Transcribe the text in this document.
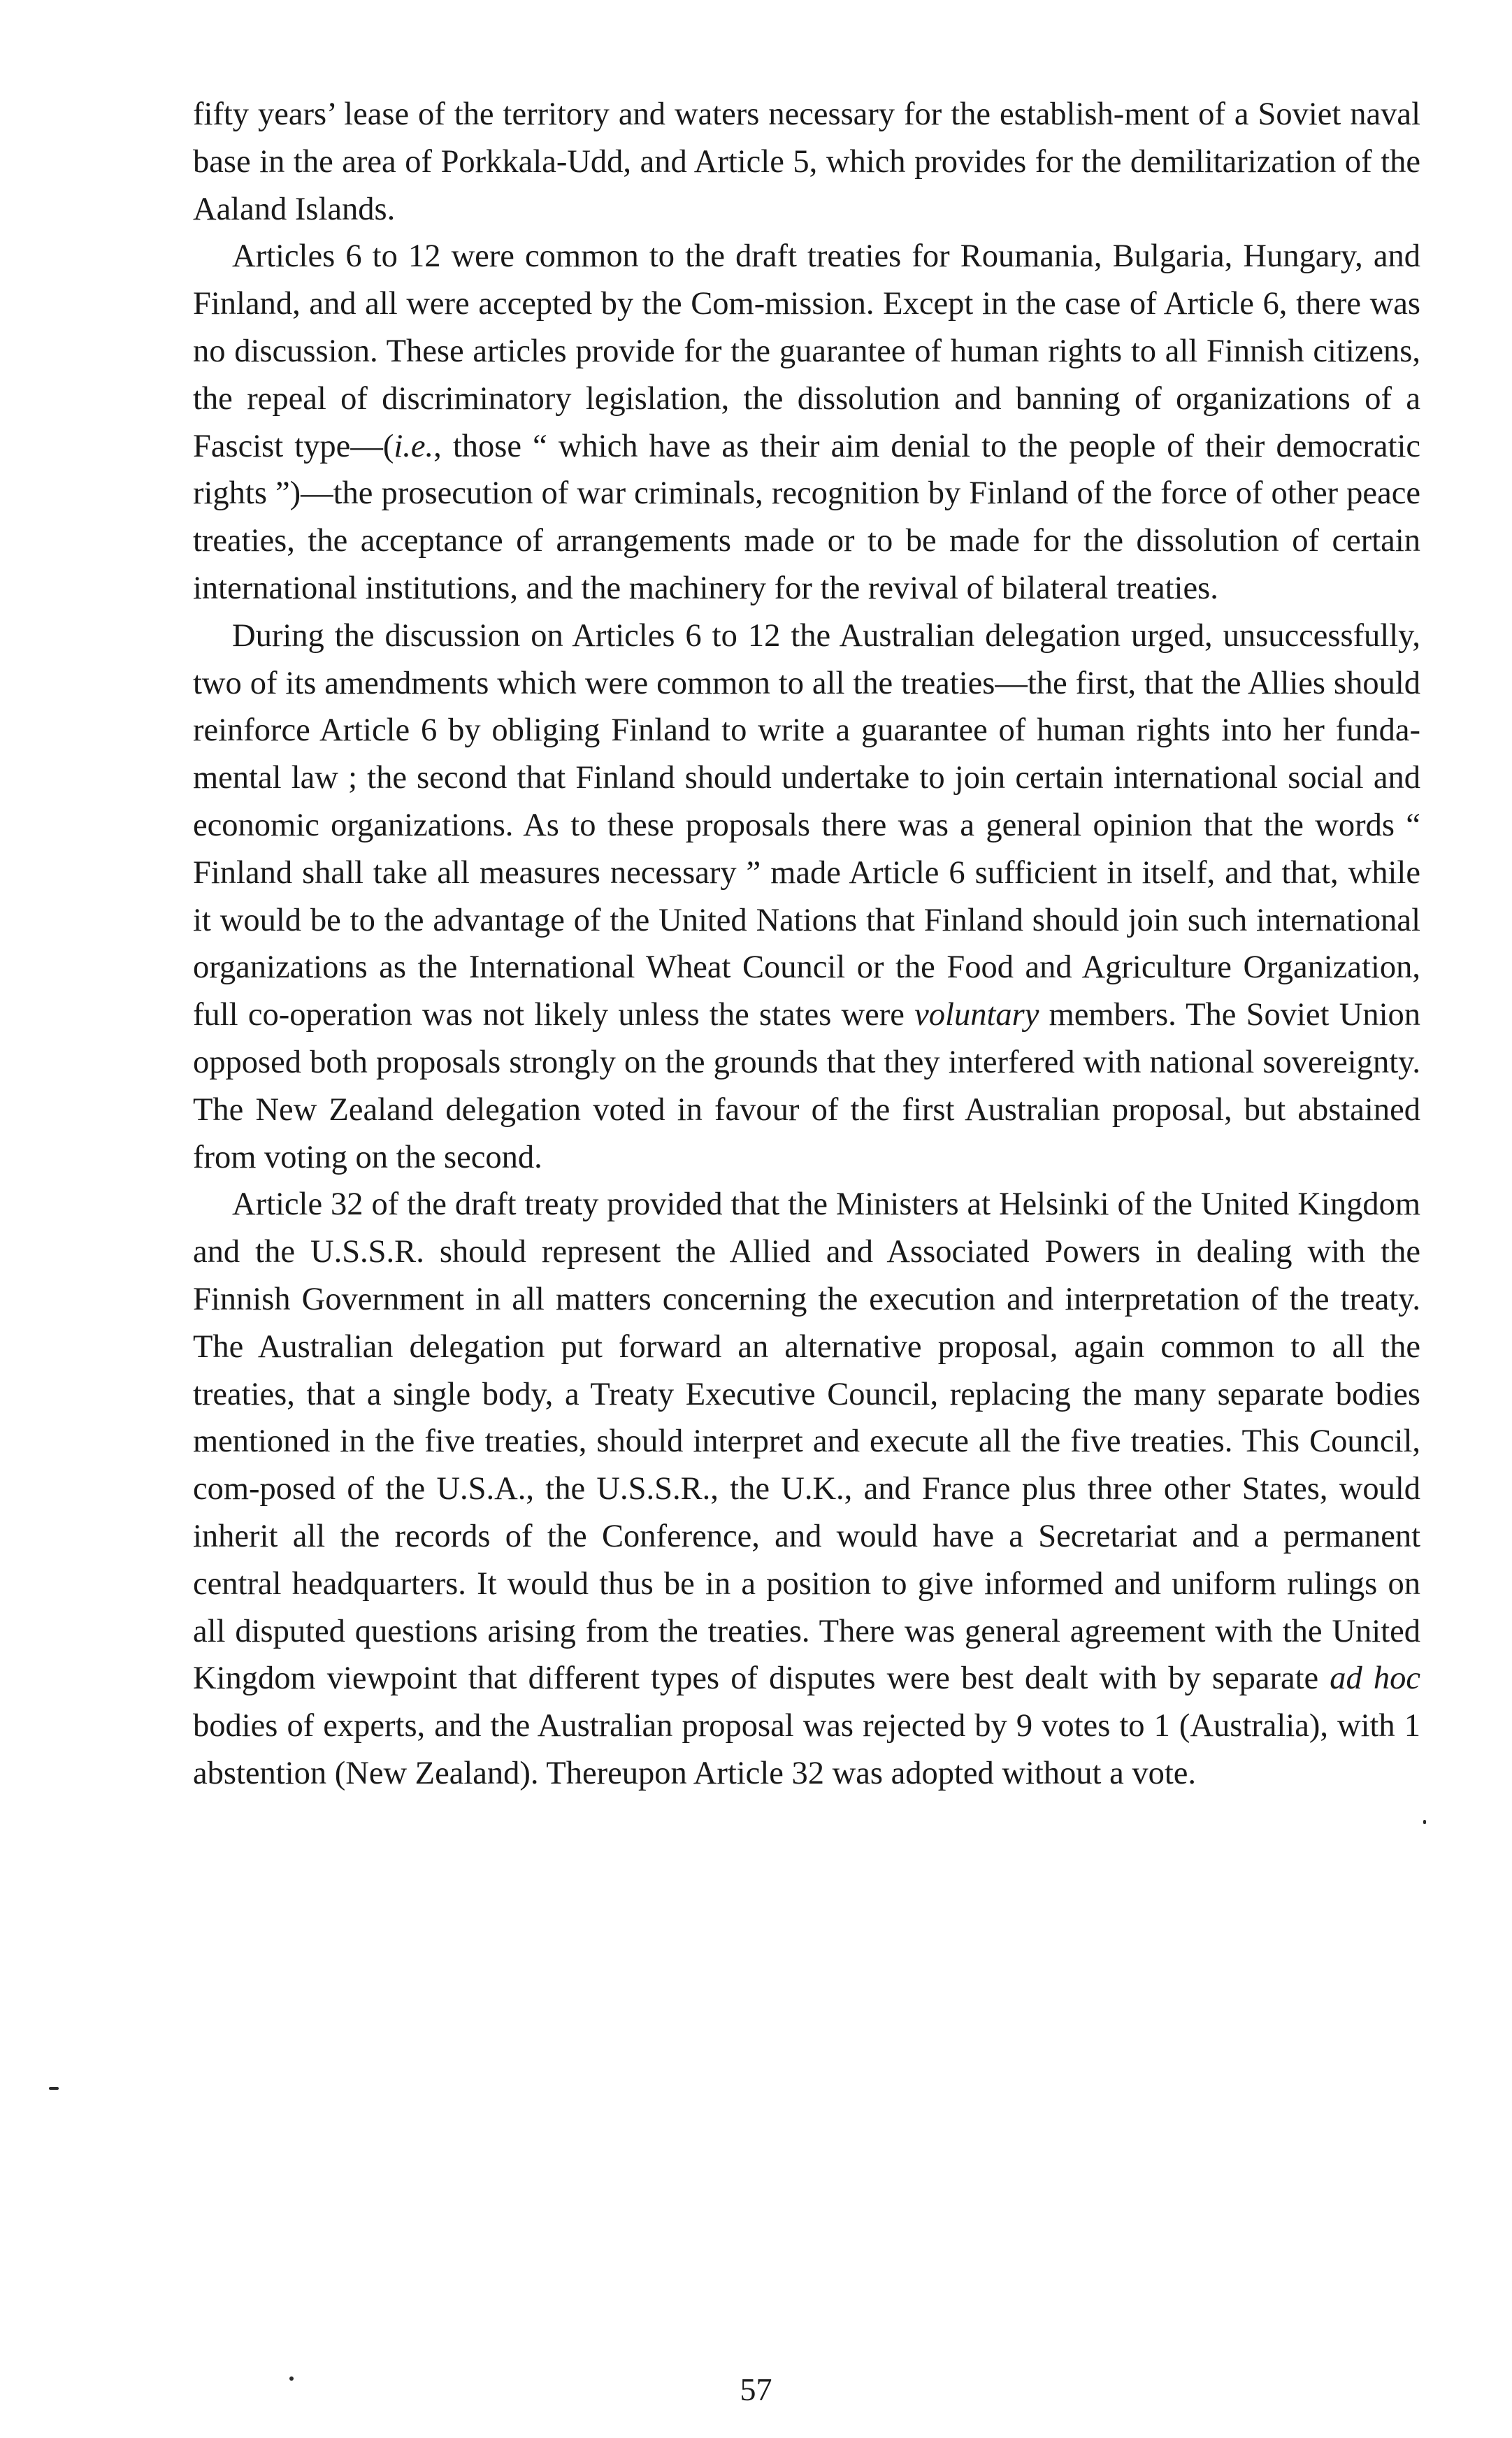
fifty years’ lease of the territory and waters necessary for the establish-ment of a Soviet naval base in the area of Porkkala-Udd, and Article 5, which provides for the demilitarization of the Aaland Islands.

Articles 6 to 12 were common to the draft treaties for Roumania, Bulgaria, Hungary, and Finland, and all were accepted by the Com-mission. Except in the case of Article 6, there was no discussion. These articles provide for the guarantee of human rights to all Finnish citizens, the repeal of discriminatory legislation, the dissolution and banning of organizations of a Fascist type—(i.e., those “ which have as their aim denial to the people of their democratic rights ”)—the prosecution of war criminals, recognition by Finland of the force of other peace treaties, the acceptance of arrangements made or to be made for the dissolution of certain international institutions, and the machinery for the revival of bilateral treaties.

During the discussion on Articles 6 to 12 the Australian delegation urged, unsuccessfully, two of its amendments which were common to all the treaties—the first, that the Allies should reinforce Article 6 by obliging Finland to write a guarantee of human rights into her funda-mental law ; the second that Finland should undertake to join certain international social and economic organizations. As to these proposals there was a general opinion that the words “ Finland shall take all measures necessary ” made Article 6 sufficient in itself, and that, while it would be to the advantage of the United Nations that Finland should join such international organizations as the International Wheat Council or the Food and Agriculture Organization, full co-operation was not likely unless the states were voluntary members. The Soviet Union opposed both proposals strongly on the grounds that they interfered with national sovereignty. The New Zealand delegation voted in favour of the first Australian proposal, but abstained from voting on the second.

Article 32 of the draft treaty provided that the Ministers at Helsinki of the United Kingdom and the U.S.S.R. should represent the Allied and Associated Powers in dealing with the Finnish Government in all matters concerning the execution and interpretation of the treaty. The Australian delegation put forward an alternative proposal, again common to all the treaties, that a single body, a Treaty Executive Council, replacing the many separate bodies mentioned in the five treaties, should interpret and execute all the five treaties. This Council, com-posed of the U.S.A., the U.S.S.R., the U.K., and France plus three other States, would inherit all the records of the Conference, and would have a Secretariat and a permanent central headquarters. It would thus be in a position to give informed and uniform rulings on all disputed questions arising from the treaties. There was general agreement with the United Kingdom viewpoint that different types of disputes were best dealt with by separate ad hoc bodies of experts, and the Australian proposal was rejected by 9 votes to 1 (Australia), with 1 abstention (New Zealand). Thereupon Article 32 was adopted without a vote.

57
